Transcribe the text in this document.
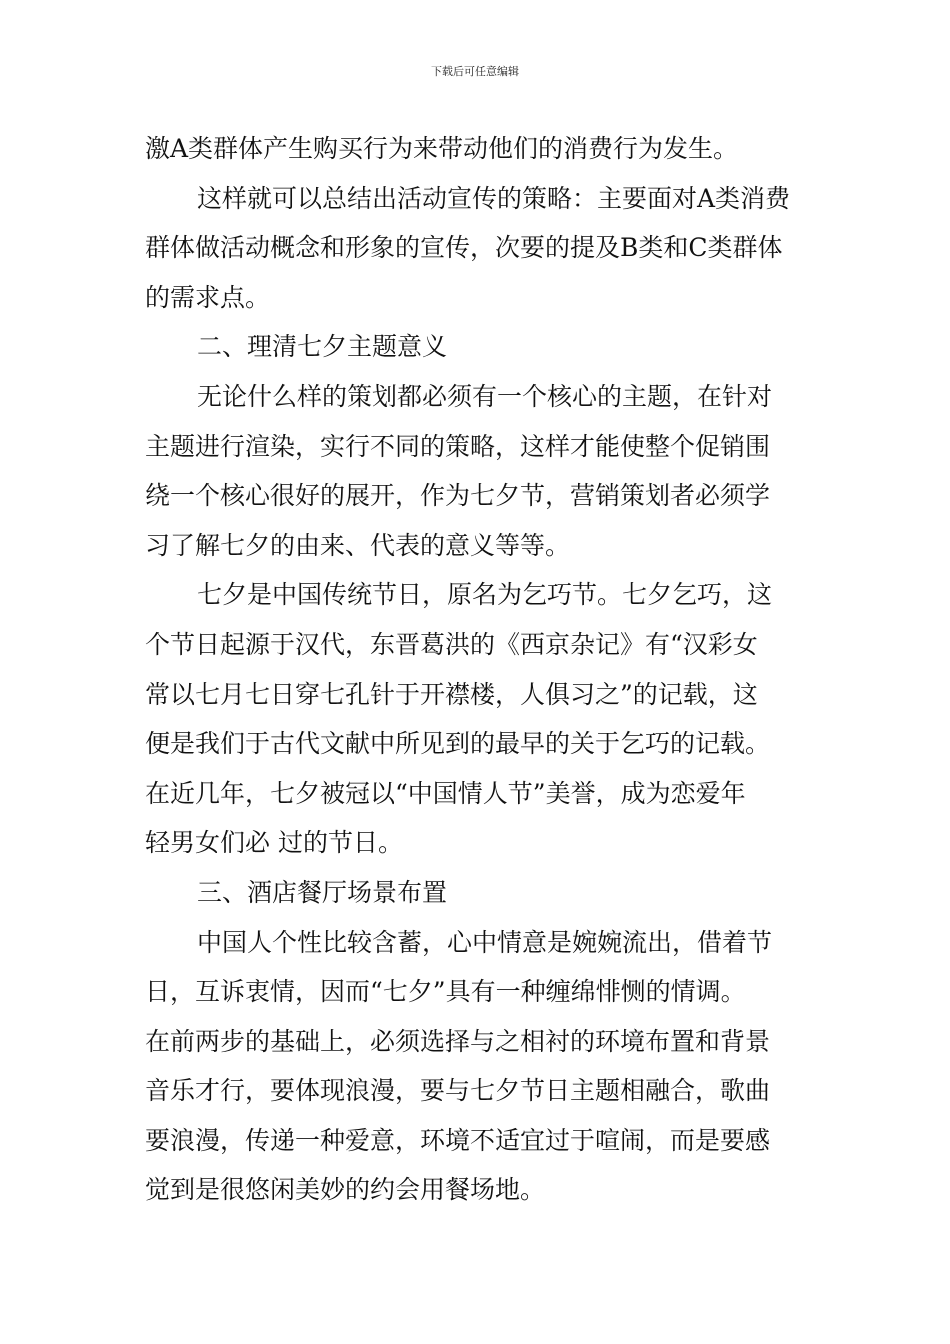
下载后可任意编辑
激A类群体产生购买行为来带动他们的消费行为发生。
这样就可以总结出活动宣传的策略：主要面对A类消费
群体做活动概念和形象的宣传，次要的提及B类和C类群体
的需求点。
二、理清七夕主题意义
无论什么样的策划都必须有一个核心的主题，在针对
主题进行渲染，实行不同的策略，这样才能使整个促销围
绕一个核心很好的展开，作为七夕节，营销策划者必须学
习了解七夕的由来、代表的意义等等。
七夕是中国传统节日，原名为乞巧节。七夕乞巧，这
个节日起源于汉代，东晋葛洪的《西京杂记》有“汉彩女
常以七月七日穿七孔针于开襟楼，人俱习之”的记载，这
便是我们于古代文献中所见到的最早的关于乞巧的记载。
在近几年，七夕被冠以“中国情人节”美誉，成为恋爱年
轻男女们必 过的节日。
三、酒店餐厅场景布置
中国人个性比较含蓄，心中情意是婉婉流出，借着节
日，互诉衷情，因而“七夕”具有一种缠绵悱恻的情调。
在前两步的基础上，必须选择与之相衬的环境布置和背景
音乐才行，要体现浪漫，要与七夕节日主题相融合，歌曲
要浪漫，传递一种爱意，环境不适宜过于喧闹，而是要感
觉到是很悠闲美妙的约会用餐场地。
